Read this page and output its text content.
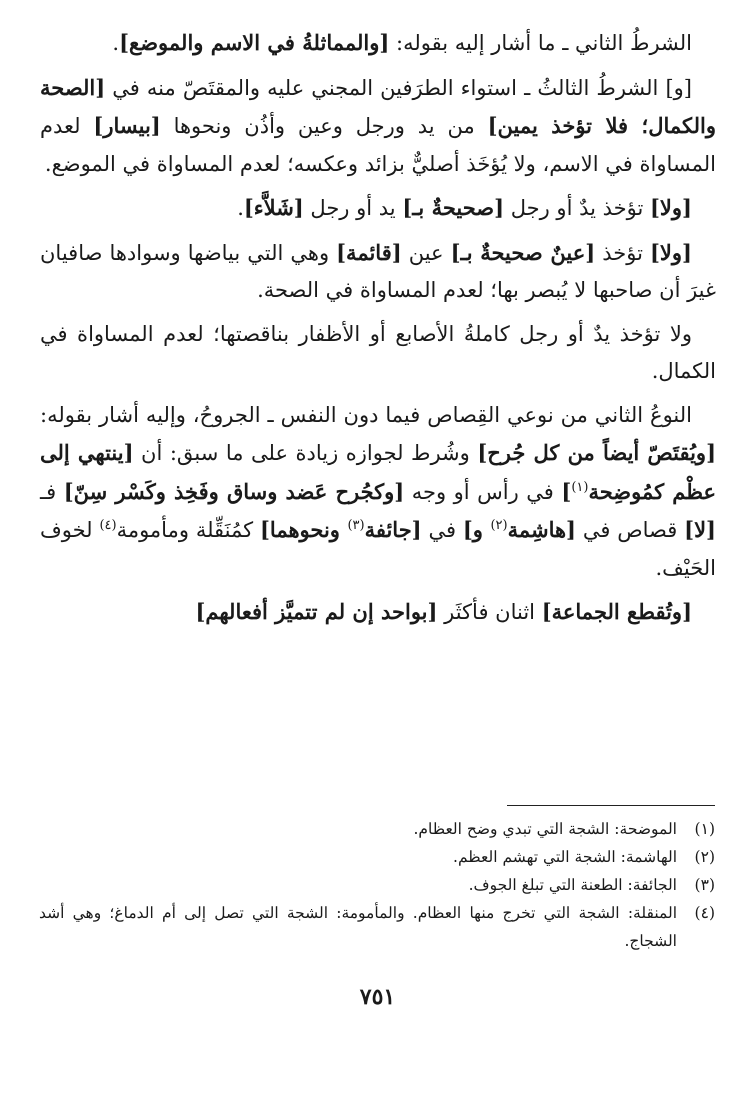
الشرطُ الثاني ـ ما أشار إليه بقوله: [والمماثلةُ في الاسم والموضع].

[و] الشرطُ الثالثُ ـ استواء الطرَفين المجني عليه والمقتَصّ منه في [الصحة والكمال؛ فلا تؤخذ يمين] من يد ورجل وعين وأذُن ونحوها [بيسار] لعدم المساواة في الاسم، ولا يُؤخَذ أصليٌّ بزائد وعكسه؛ لعدم المساواة في الموضع.

[ولا] تؤخذ يدٌ أو رجل [صحيحةٌ بـ] يد أو رجل [شَلاَّء].

[ولا] تؤخذ [عينٌ صحيحةٌ بـ] عين [قائمة] وهي التي بياضها وسوادها صافيان غيرَ أن صاحبها لا يُبصر بها؛ لعدم المساواة في الصحة.

ولا تؤخذ يدٌ أو رجل كاملةُ الأصابع أو الأظفار بناقصتها؛ لعدم المساواة في الكمال.

النوعُ الثاني من نوعي القِصاص فيما دون النفس ـ الجروحُ، وإليه أشار بقوله: [ويُقتَصّ أيضاً من كل جُرح] وشُرط لجوازه زيادة على ما سبق: أن [ينتهي إلى عظْم كمُوضِحة$^{(١)}$] في رأس أو وجه [وكجُرح عَضد وساق وفَخِذ وكَسْر سِنّ] فـ [لا] قصاص في [هاشِمة$^{(٢)}$ و] في [جائفة$^{(٣)}$ ونحوهما] كمُنَقِّلة ومأمومة$^{(٤)}$ لخوف الحَيْف.

[وتُقطع الجماعة] اثنان فأكثَر [بواحد إن لم تتميَّز أفعالهم]

(١)
الموضحة: الشجة التي تبدي وضح العظام.
(٢)
الهاشمة: الشجة التي تهشم العظم.
(٣)
الجائفة: الطعنة التي تبلغ الجوف.
(٤)
المنقلة: الشجة التي تخرج منها العظام. والمأمومة: الشجة التي تصل إلى أم الدماغ؛ وهي أشد الشجاج.
٧٥١
